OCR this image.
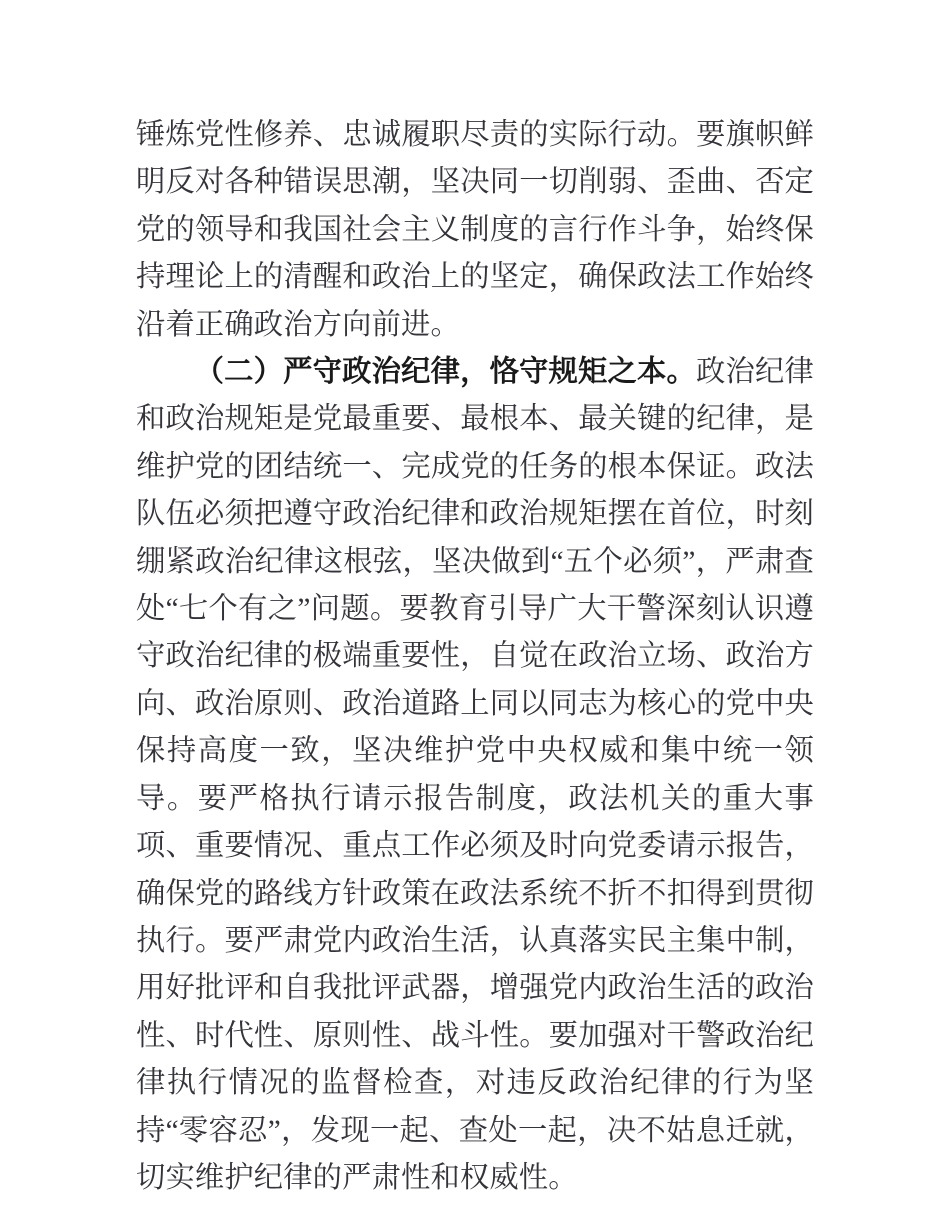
锤炼党性修养、忠诚履职尽责的实际行动。要旗帜鲜明反对各种错误思潮，坚决同一切削弱、歪曲、否定党的领导和我国社会主义制度的言行作斗争，始终保持理论上的清醒和政治上的坚定，确保政法工作始终沿着正确政治方向前进。

（二）严守政治纪律，恪守规矩之本。政治纪律和政治规矩是党最重要、最根本、最关键的纪律，是维护党的团结统一、完成党的任务的根本保证。政法队伍必须把遵守政治纪律和政治规矩摆在首位，时刻绷紧政治纪律这根弦，坚决做到“五个必须”，严肃查处“七个有之”问题。要教育引导广大干警深刻认识遵守政治纪律的极端重要性，自觉在政治立场、政治方向、政治原则、政治道路上同以同志为核心的党中央保持高度一致，坚决维护党中央权威和集中统一领导。要严格执行请示报告制度，政法机关的重大事项、重要情况、重点工作必须及时向党委请示报告，确保党的路线方针政策在政法系统不折不扣得到贯彻执行。要严肃党内政治生活，认真落实民主集中制，用好批评和自我批评武器，增强党内政治生活的政治性、时代性、原则性、战斗性。要加强对干警政治纪律执行情况的监督检查，对违反政治纪律的行为坚持“零容忍”，发现一起、查处一起，决不姑息迁就，切实维护纪律的严肃性和权威性。
